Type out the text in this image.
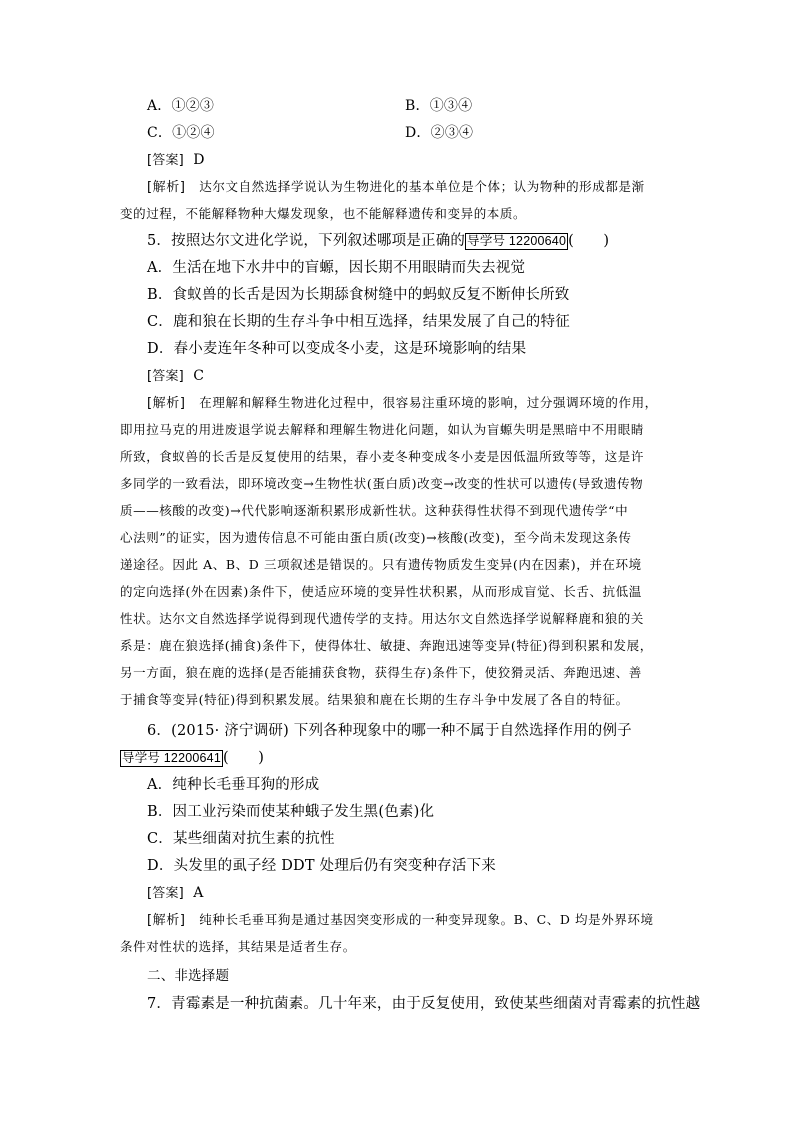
A．①②③	B．①③④
C．①②④	D．②③④
[答案] D
[解析] 达尔文自然选择学说认为生物进化的基本单位是个体；认为物种的形成都是渐
变的过程，不能解释物种大爆发现象，也不能解释遗传和变异的本质。
5．按照达尔文进化学说，下列叙述哪项是正确的 导学号 12200640 (　　)
A．生活在地下水井中的盲螈，因长期不用眼睛而失去视觉
B．食蚁兽的长舌是因为长期舔食树缝中的蚂蚁反复不断伸长所致
C．鹿和狼在长期的生存斗争中相互选择，结果发展了自己的特征
D．春小麦连年冬种可以变成冬小麦，这是环境影响的结果
[答案] C
[解析] 在理解和解释生物进化过程中，很容易注重环境的影响，过分强调环境的作用，
即用拉马克的用进废退学说去解释和理解生物进化问题，如认为盲螈失明是黑暗中不用眼睛
所致，食蚁兽的长舌是反复使用的结果，春小麦冬种变成冬小麦是因低温所致等等，这是许
多同学的一致看法，即环境改变→生物性状(蛋白质)改变→改变的性状可以遗传(导致遗传物
质——核酸的改变)→代代影响逐渐积累形成新性状。这种获得性状得不到现代遗传学“中
心法则”的证实，因为遗传信息不可能由蛋白质(改变)→核酸(改变)，至今尚未发现这条传
递途径。因此 A、B、D 三项叙述是错误的。只有遗传物质发生变异(内在因素)，并在环境
的定向选择(外在因素)条件下，使适应环境的变异性状积累，从而形成盲觉、长舌、抗低温
性状。达尔文自然选择学说得到现代遗传学的支持。用达尔文自然选择学说解释鹿和狼的关
系是：鹿在狼选择(捕食)条件下，使得体壮、敏捷、奔跑迅速等变异(特征)得到积累和发展，
另一方面，狼在鹿的选择(是否能捕获食物，获得生存)条件下，使狡猾灵活、奔跑迅速、善
于捕食等变异(特征)得到积累发展。结果狼和鹿在长期的生存斗争中发展了各自的特征。
6．(2015· 济宁调研) 下列各种现象中的哪一种不属于自然选择作用的例子
导学号 12200641 (　　)
A．纯种长毛垂耳狗的形成
B．因工业污染而使某种蛾子发生黑(色素)化
C．某些细菌对抗生素的抗性
D．头发里的虱子经 DDT 处理后仍有突变种存活下来
[答案] A
[解析] 纯种长毛垂耳狗是通过基因突变形成的一种变异现象。B、C、D 均是外界环境
条件对性状的选择，其结果是适者生存。
二、非选择题
7．青霉素是一种抗菌素。几十年来，由于反复使用，致使某些细菌对青霉素的抗性越
